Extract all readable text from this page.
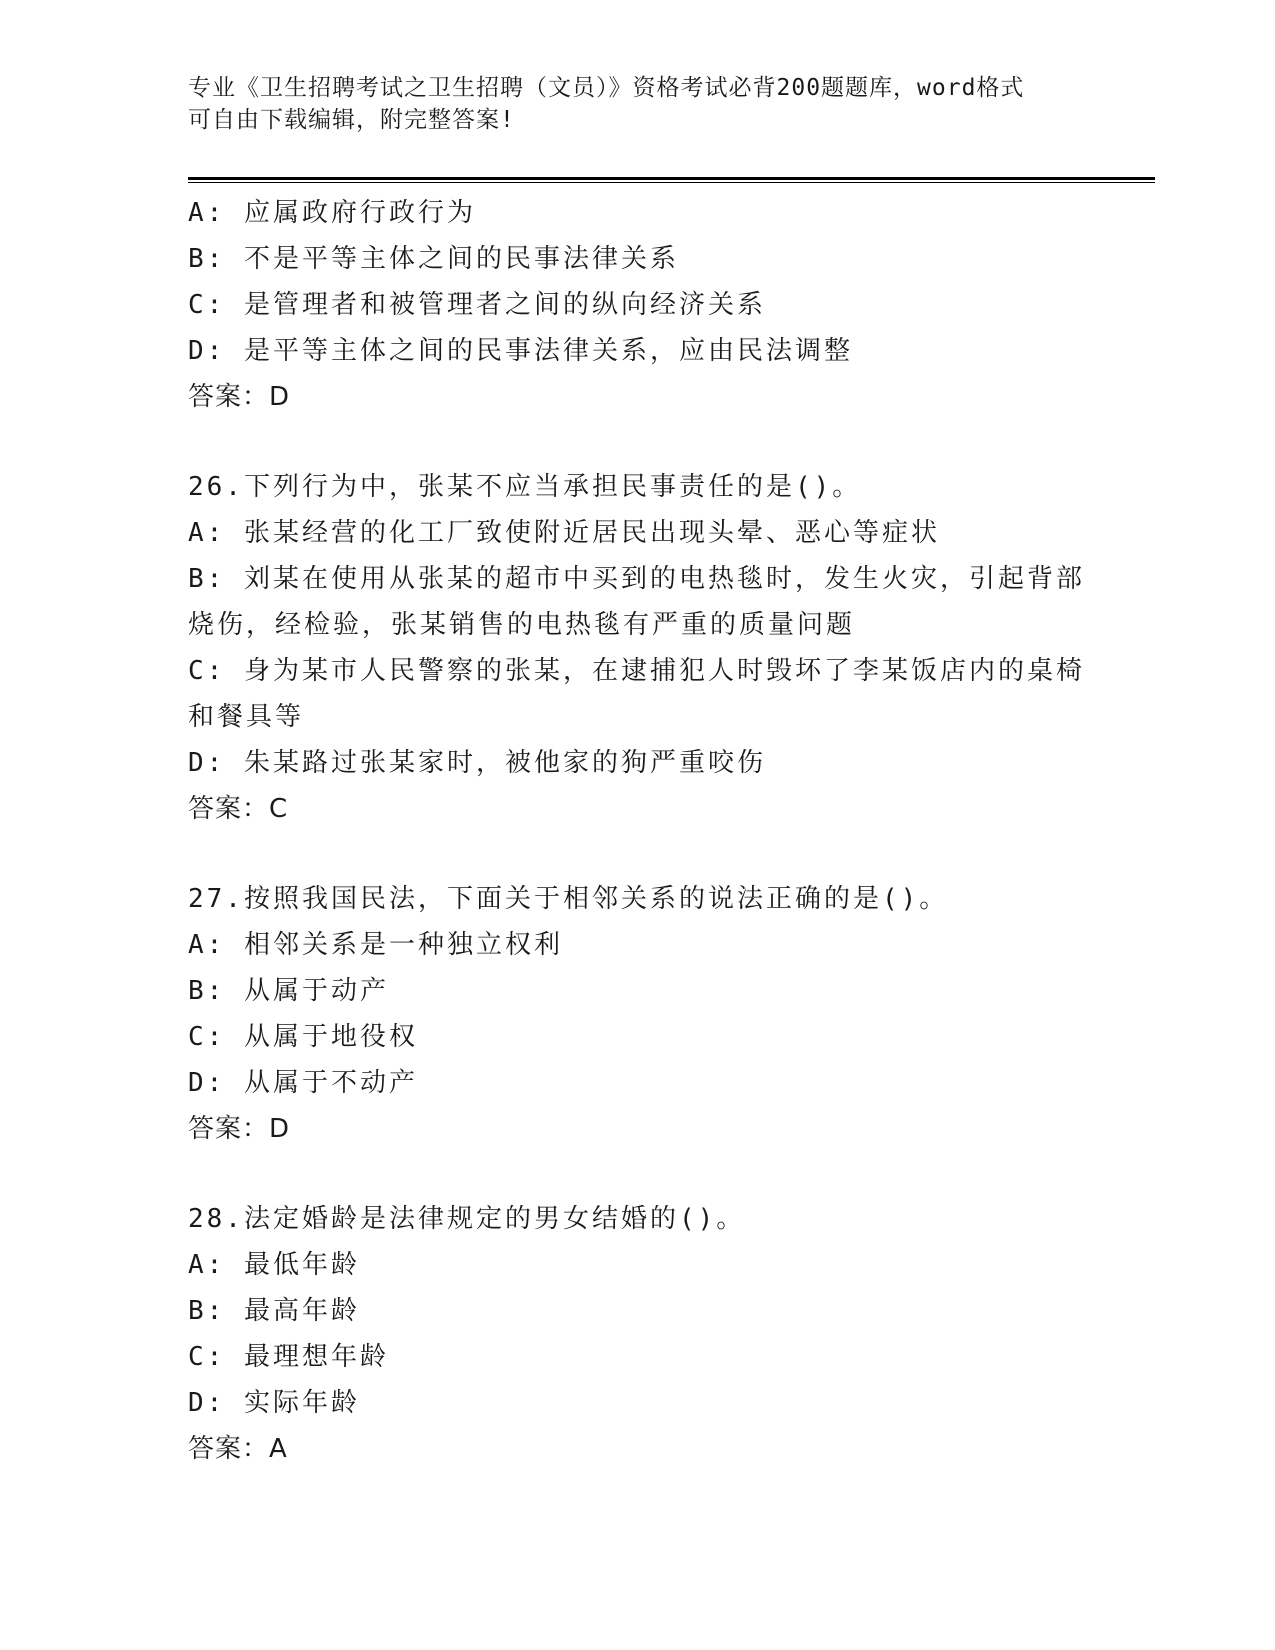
专业《卫生招聘考试之卫生招聘（文员）》资格考试必背200题题库，word格式
可自由下载编辑，附完整答案!
A: 应属政府行政行为
B: 不是平等主体之间的民事法律关系
C: 是管理者和被管理者之间的纵向经济关系
D: 是平等主体之间的民事法律关系，应由民法调整
答案：D
26.下列行为中，张某不应当承担民事责任的是()。
A: 张某经营的化工厂致使附近居民出现头晕、恶心等症状
B: 刘某在使用从张某的超市中买到的电热毯时，发生火灾，引起背部
烧伤，经检验，张某销售的电热毯有严重的质量问题
C: 身为某市人民警察的张某，在逮捕犯人时毁坏了李某饭店内的桌椅
和餐具等
D: 朱某路过张某家时，被他家的狗严重咬伤
答案：C
27.按照我国民法，下面关于相邻关系的说法正确的是()。
A: 相邻关系是一种独立权利
B: 从属于动产
C: 从属于地役权
D: 从属于不动产
答案：D
28.法定婚龄是法律规定的男女结婚的()。
A: 最低年龄
B: 最高年龄
C: 最理想年龄
D: 实际年龄
答案：A
